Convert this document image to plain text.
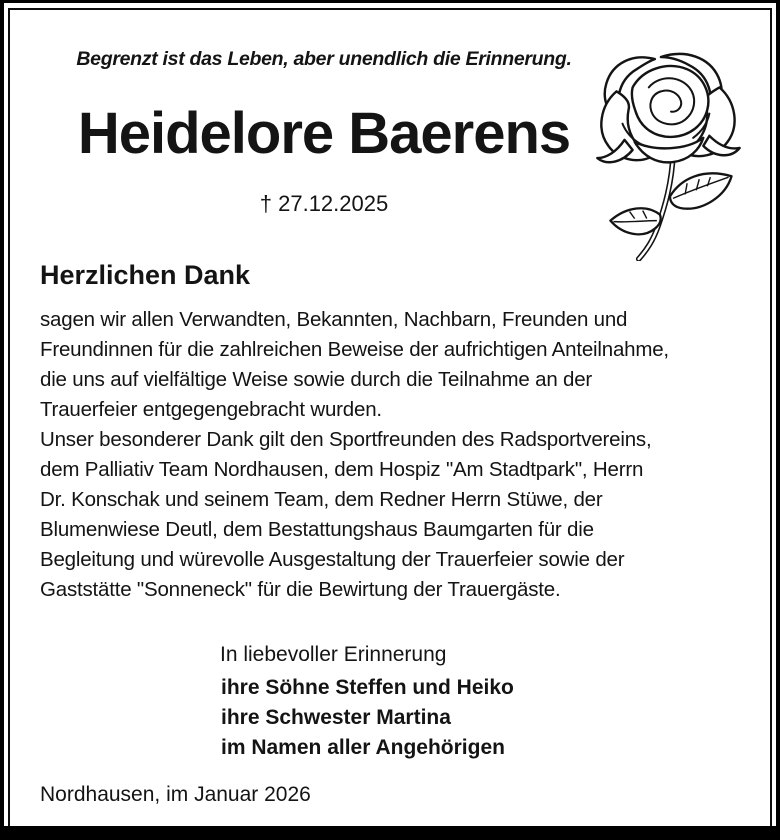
Begrenzt ist das Leben, aber unendlich die Erinnerung.
Heidelore Baerens
† 27.12.2025
Herzlichen Dank
sagen wir allen Verwandten, Bekannten, Nachbarn, Freunden und
Freundinnen für die zahlreichen Beweise der aufrichtigen Anteilnahme,
die uns auf vielfältige Weise sowie durch die Teilnahme an der
Trauerfeier entgegengebracht wurden.
Unser besonderer Dank gilt den Sportfreunden des Radsportvereins,
dem Palliativ Team Nordhausen, dem Hospiz "Am Stadtpark", Herrn
Dr. Konschak und seinem Team, dem Redner Herrn Stüwe, der
Blumenwiese Deutl, dem Bestattungshaus Baumgarten für die
Begleitung und würevolle Ausgestaltung der Trauerfeier sowie der
Gaststätte "Sonneneck" für die Bewirtung der Trauergäste.
In liebevoller Erinnerung
ihre Söhne Steffen und Heiko
ihre Schwester Martina
im Namen aller Angehörigen
Nordhausen, im Januar 2026
